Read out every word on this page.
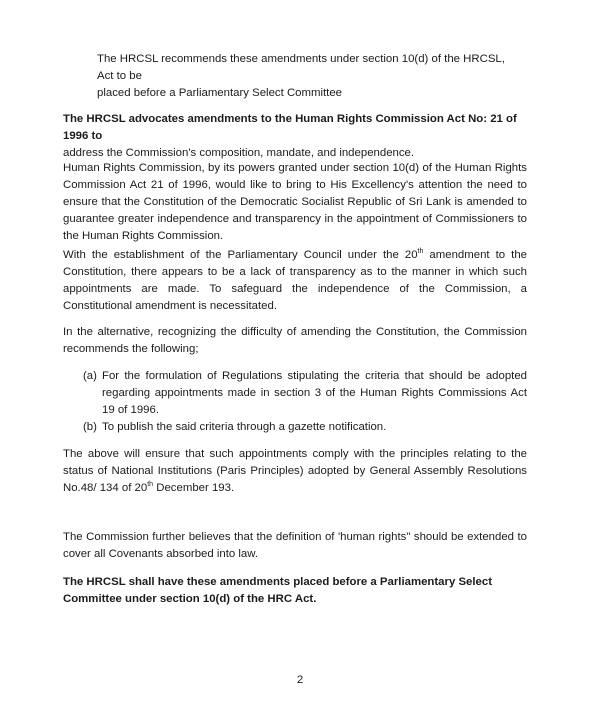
The HRCSL recommends these amendments under section 10(d) of the HRCSL, Act to be
placed before a Parliamentary Select Committee

The HRCSL advocates amendments to the Human Rights Commission Act No: 21 of 1996 to
address the Commission's composition, mandate, and independence.

Human Rights Commission, by its powers granted under section 10(d) of the Human Rights Commission Act 21 of 1996, would like to bring to His Excellency's attention the need to ensure that the Constitution of the Democratic Socialist Republic of Sri Lank is amended to guarantee greater independence and transparency in the appointment of Commissioners to the Human Rights Commission.

With the establishment of the Parliamentary Council under the 20th amendment to the Constitution, there appears to be a lack of transparency as to the manner in which such appointments are made. To safeguard the independence of the Commission, a Constitutional amendment is necessitated.

In the alternative, recognizing the difficulty of amending the Constitution, the Commission recommends the following;

(a) For the formulation of Regulations stipulating the criteria that should be adopted regarding appointments made in section 3 of the Human Rights Commissions Act 19 of 1996.
(b) To publish the said criteria through a gazette notification.

The above will ensure that such appointments comply with the principles relating to the status of National Institutions (Paris Principles) adopted by General Assembly Resolutions No.48/ 134 of 20th December 193.

The Commission further believes that the definition of 'human rights" should be extended to cover all Covenants absorbed into law.

The HRCSL shall have these amendments placed before a Parliamentary Select Committee under section 10(d) of the HRC Act.

2
